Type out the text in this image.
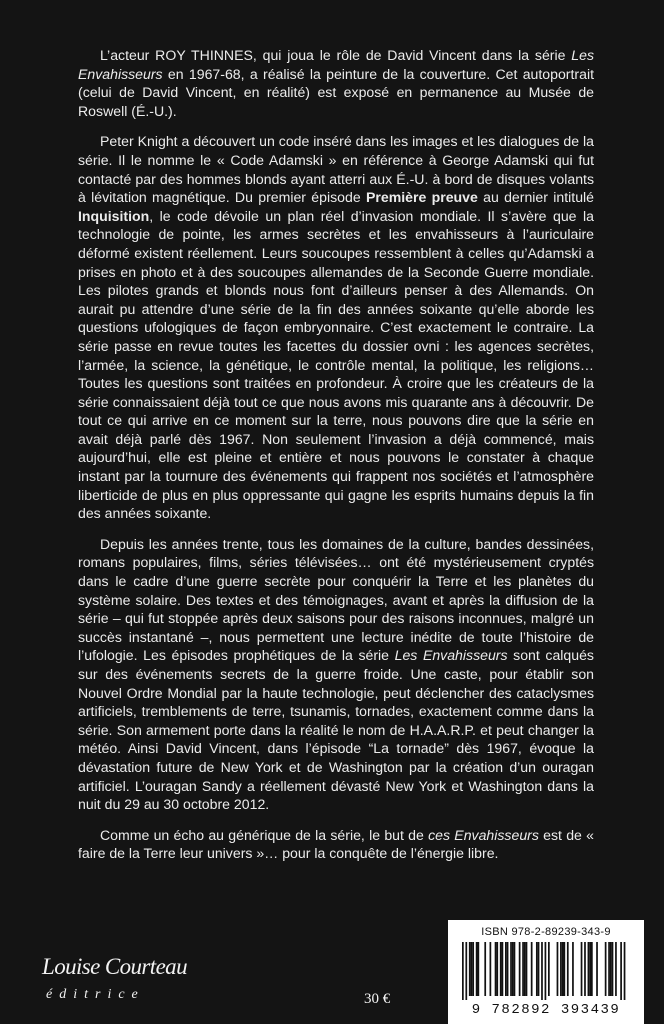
L’acteur ROY THINNES, qui joua le rôle de David Vincent dans la série Les Envahisseurs en 1967-68, a réalisé la peinture de la couverture. Cet autoportrait (celui de David Vincent, en réalité) est exposé en permanence au Musée de Roswell (É.-U.).

Peter Knight a découvert un code inséré dans les images et les dialogues de la série. Il le nomme le « Code Adamski » en référence à George Adamski qui fut contacté par des hommes blonds ayant atterri aux É.-U. à bord de disques volants à lévitation magnétique. Du premier épisode Première preuve au dernier intitulé Inquisition, le code dévoile un plan réel d’invasion mondiale. Il s’avère que la technologie de pointe, les armes secrètes et les envahisseurs à l’auriculaire déformé existent réellement. Leurs soucoupes ressemblent à celles qu’Adamski a prises en photo et à des soucoupes allemandes de la Seconde Guerre mondiale. Les pilotes grands et blonds nous font d’ailleurs penser à des Allemands. On aurait pu attendre d’une série de la fin des années soixante qu’elle aborde les questions ufologiques de façon embryonnaire. C’est exactement le contraire. La série passe en revue toutes les facettes du dossier ovni : les agences secrètes, l’armée, la science, la génétique, le contrôle mental, la politique, les religions… Toutes les questions sont traitées en profondeur. À croire que les créateurs de la série connaissaient déjà tout ce que nous avons mis quarante ans à découvrir. De tout ce qui arrive en ce moment sur la terre, nous pouvons dire que la série en avait déjà parlé dès 1967. Non seulement l’invasion a déjà commencé, mais aujourd’hui, elle est pleine et entière et nous pouvons le constater à chaque instant par la tournure des événements qui frappent nos sociétés et l’atmosphère liberticide de plus en plus oppressante qui gagne les esprits humains depuis la fin des années soixante.

Depuis les années trente, tous les domaines de la culture, bandes dessinées, romans populaires, films, séries télévisées… ont été mystérieusement cryptés dans le cadre d’une guerre secrète pour conquérir la Terre et les planètes du système solaire. Des textes et des témoignages, avant et après la diffusion de la série – qui fut stoppée après deux saisons pour des raisons inconnues, malgré un succès instantané –, nous permettent une lecture inédite de toute l’histoire de l’ufologie. Les épisodes prophétiques de la série Les Envahisseurs sont calqués sur des événements secrets de la guerre froide. Une caste, pour établir son Nouvel Ordre Mondial par la haute technologie, peut déclencher des cataclysmes artificiels, tremblements de terre, tsunamis, tornades, exactement comme dans la série. Son armement porte dans la réalité le nom de H.A.A.R.P. et peut changer la météo. Ainsi David Vincent, dans l’épisode “La tornade” dès 1967, évoque la dévastation future de New York et de Washington par la création d’un ouragan artificiel. L’ouragan Sandy a réellement dévasté New York et Washington dans la nuit du 29 au 30 octobre 2012.

Comme un écho au générique de la série, le but de ces Envahisseurs est de « faire de la Terre leur univers »… pour la conquête de l’énergie libre.

Louise Courteau
éditrice	30 €
ISBN 978-2-89239-343-9
9 782892 393439
